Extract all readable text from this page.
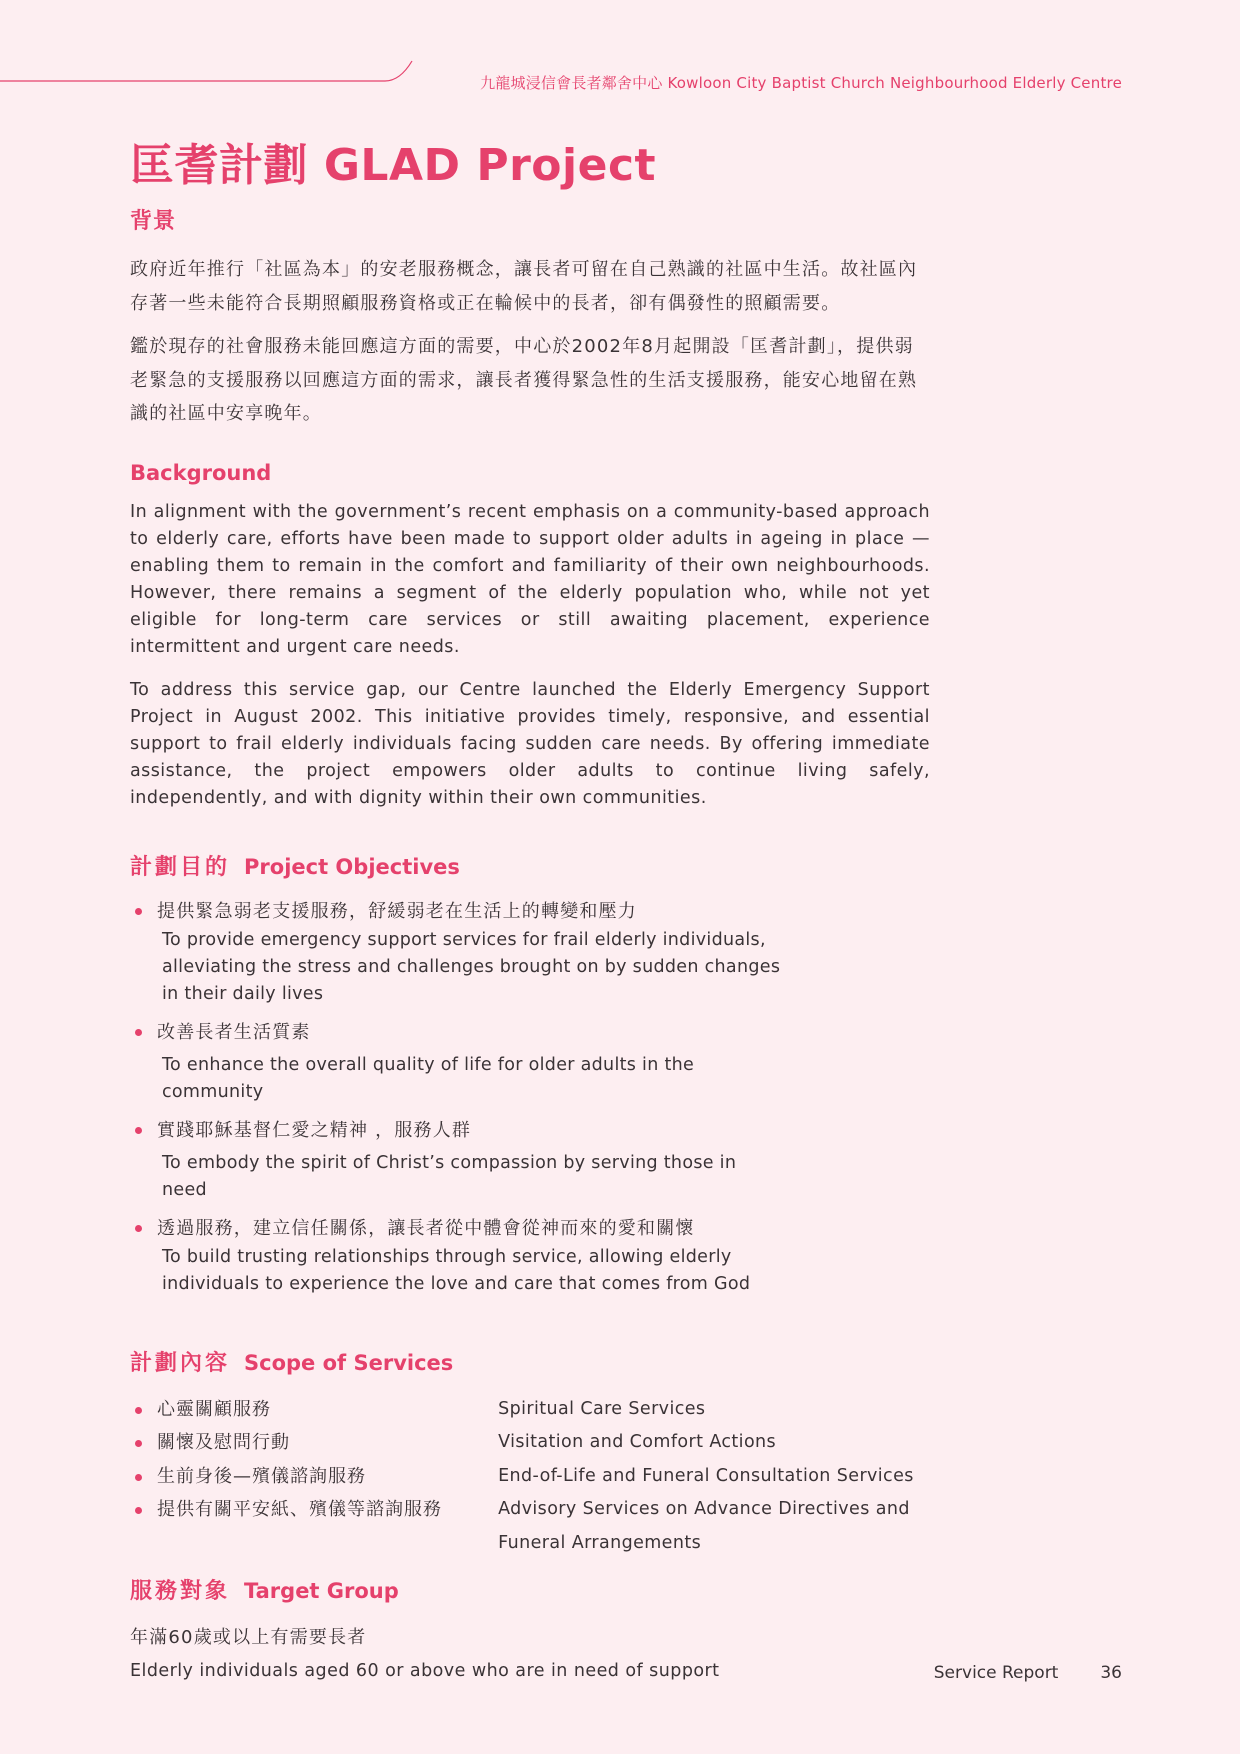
九龍城浸信會長者鄰舍中心 Kowloon City Baptist Church Neighbourhood Elderly Centre
匡耆計劃 GLAD Project
背景

政府近年推行「社區為本」的安老服務概念，讓長者可留在自己熟識的社區中生活。故社區內存著一些未能符合長期照顧服務資格或正在輪候中的長者，卻有偶發性的照顧需要。

鑑於現存的社會服務未能回應這方面的需要，中心於2002年8月起開設「匡耆計劃」，提供弱老緊急的支援服務以回應這方面的需求，讓長者獲得緊急性的生活支援服務，能安心地留在熟識的社區中安享晚年。

Background

In alignment with the government’s recent emphasis on a community-based approach to elderly care, efforts have been made to support older adults in ageing in place — enabling them to remain in the comfort and familiarity of their own neighbourhoods. However, there remains a segment of the elderly population who, while not yet eligible for long-term care services or still awaiting placement, experience intermittent and urgent care needs.

To address this service gap, our Centre launched the Elderly Emergency Support Project in August 2002. This initiative provides timely, responsive, and essential support to frail elderly individuals facing sudden care needs. By offering immediate assistance, the project empowers older adults to continue living safely, independently, and with dignity within their own communities.

計劃目的 Project Objectives
提供緊急弱老支援服務，舒緩弱老在生活上的轉變和壓力
To provide emergency support services for frail elderly individuals, alleviating the stress and challenges brought on by sudden changes in their daily lives
改善長者生活質素
To enhance the overall quality of life for older adults in the community
實踐耶穌基督仁愛之精神 ，服務人群
To embody the spirit of Christ’s compassion by serving those in need
透過服務，建立信任關係，讓長者從中體會從神而來的愛和關懷
To build trusting relationships through service, allowing elderly individuals to experience the love and care that comes from God
計劃內容 Scope of Services
心靈關顧服務
關懷及慰問行動
生前身後—殯儀諮詢服務
提供有關平安紙、殯儀等諮詢服務
Spiritual Care Services
Visitation and Comfort Actions
End-of-Life and Funeral Consultation Services
Advisory Services on Advance Directives and Funeral Arrangements
服務對象 Target Group

年滿60歲或以上有需要長者

Elderly individuals aged 60 or above who are in need of support	Service Report 36
